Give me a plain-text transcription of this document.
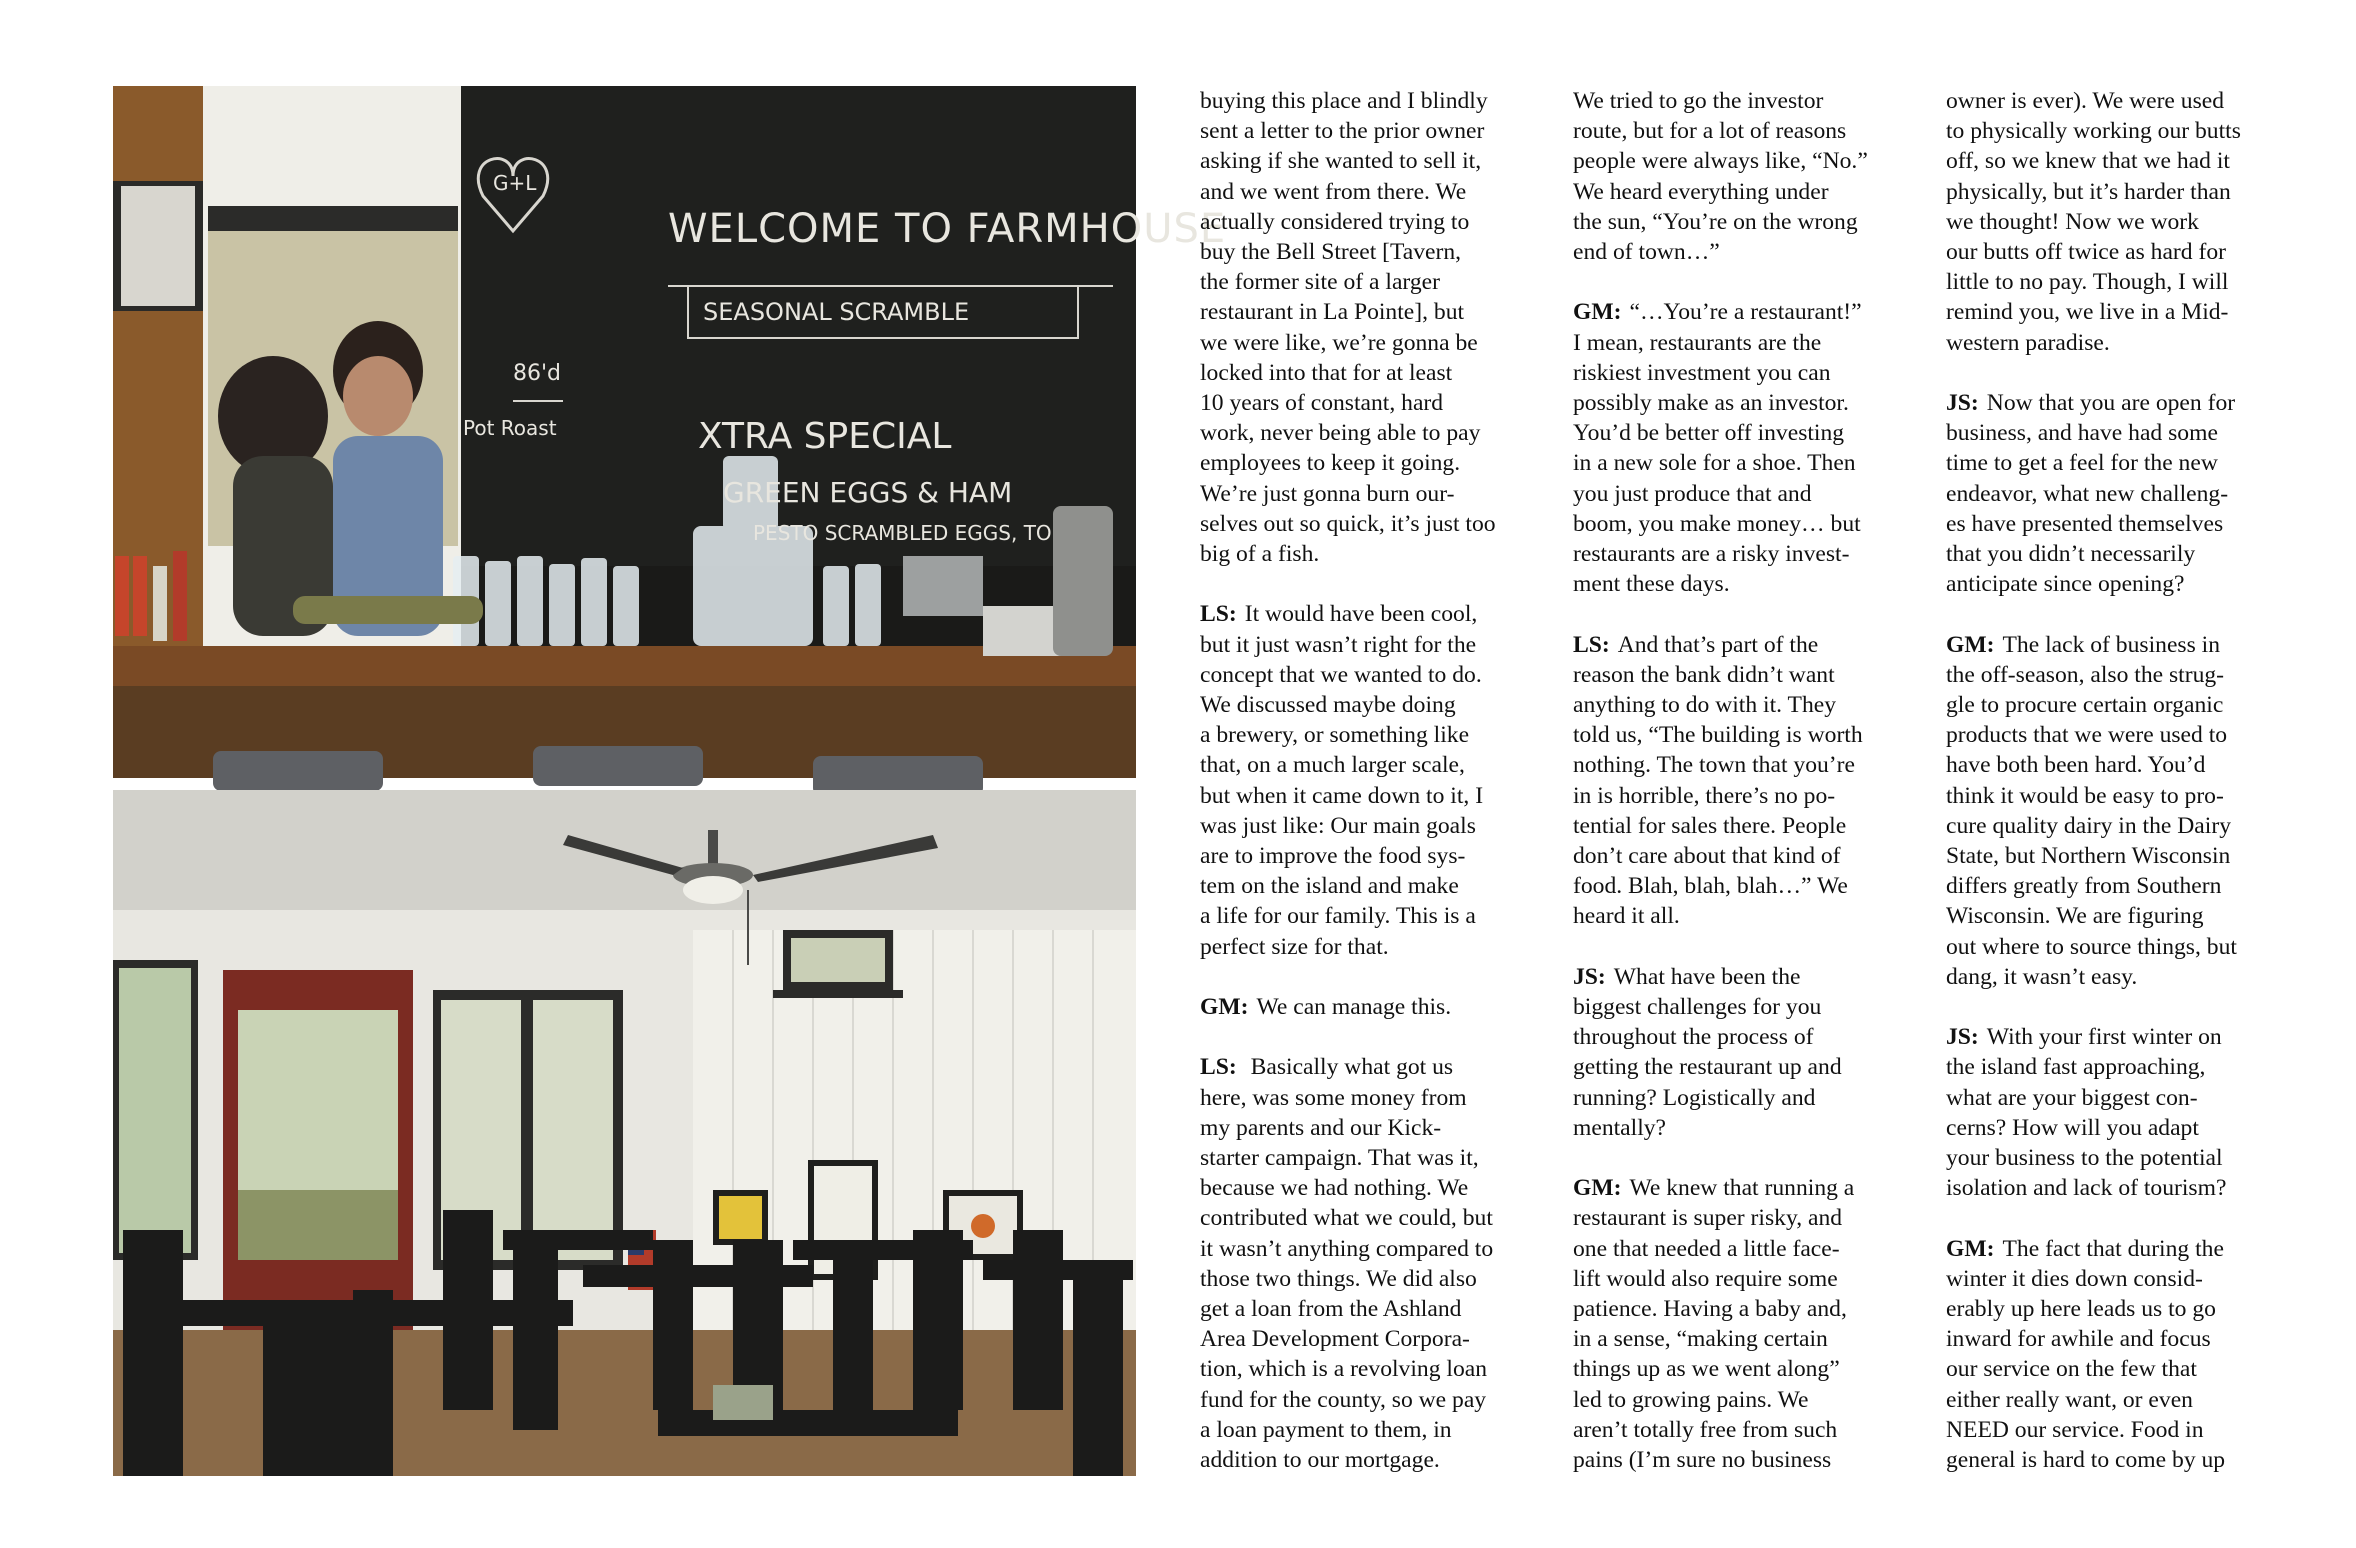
G+L
WELCOME TO FARMHOUSE
SEASONAL SCRAMBLE
86'd
Pot Roast	XTRA SPECIAL
GREEN EGGS & HAM
PESTO SCRAMBLED EGGS, TO

buying this place and I blindly
sent a letter to the prior owner
asking if she wanted to sell it,
and we went from there. We
actually considered trying to
buy the Bell Street [Tavern,
the former site of a larger
restaurant in La Pointe], but
we were like, we’re gonna be
locked into that for at least
10 years of constant, hard
work, never being able to pay
employees to keep it going.
We’re just gonna burn our-
selves out so quick, it’s just too
big of a fish.

LS: It would have been cool,
but it just wasn’t right for the
concept that we wanted to do.
We discussed maybe doing
a brewery, or something like
that, on a much larger scale,
but when it came down to it, I
was just like: Our main goals
are to improve the food sys-
tem on the island and make
a life for our family. This is a
perfect size for that.

GM: We can manage this.

LS: Basically what got us
here, was some money from
my parents and our Kick-
starter campaign. That was it,
because we had nothing. We
contributed what we could, but
it wasn’t anything compared to
those two things. We did also
get a loan from the Ashland
Area Development Corpora-
tion, which is a revolving loan
fund for the county, so we pay
a loan payment to them, in
addition to our mortgage.

We tried to go the investor
route, but for a lot of reasons
people were always like, “No.”
We heard everything under
the sun, “You’re on the wrong
end of town…”

GM: “…You’re a restaurant!”
I mean, restaurants are the
riskiest investment you can
possibly make as an investor.
You’d be better off investing
in a new sole for a shoe. Then
you just produce that and
boom, you make money… but
restaurants are a risky invest-
ment these days.

LS: And that’s part of the
reason the bank didn’t want
anything to do with it. They
told us, “The building is worth
nothing. The town that you’re
in is horrible, there’s no po-
tential for sales there. People
don’t care about that kind of
food. Blah, blah, blah…” We
heard it all.

JS: What have been the
biggest challenges for you
throughout the process of
getting the restaurant up and
running? Logistically and
mentally?

GM: We knew that running a
restaurant is super risky, and
one that needed a little face-
lift would also require some
patience. Having a baby and,
in a sense, “making certain
things up as we went along”
led to growing pains. We
aren’t totally free from such
pains (I’m sure no business

owner is ever). We were used
to physically working our butts
off, so we knew that we had it
physically, but it’s harder than
we thought! Now we work
our butts off twice as hard for
little to no pay. Though, I will
remind you, we live in a Mid-
western paradise.

JS: Now that you are open for
business, and have had some
time to get a feel for the new
endeavor, what new challeng-
es have presented themselves
that you didn’t necessarily
anticipate since opening?

GM: The lack of business in
the off-season, also the strug-
gle to procure certain organic
products that we were used to
have both been hard. You’d
think it would be easy to pro-
cure quality dairy in the Dairy
State, but Northern Wisconsin
differs greatly from Southern
Wisconsin. We are figuring
out where to source things, but
dang, it wasn’t easy.

JS: With your first winter on
the island fast approaching,
what are your biggest con-
cerns? How will you adapt
your business to the potential
isolation and lack of tourism?

GM: The fact that during the
winter it dies down consid-
erably up here leads us to go
inward for awhile and focus
our service on the few that
either really want, or even
NEED our service. Food in
general is hard to come by up
